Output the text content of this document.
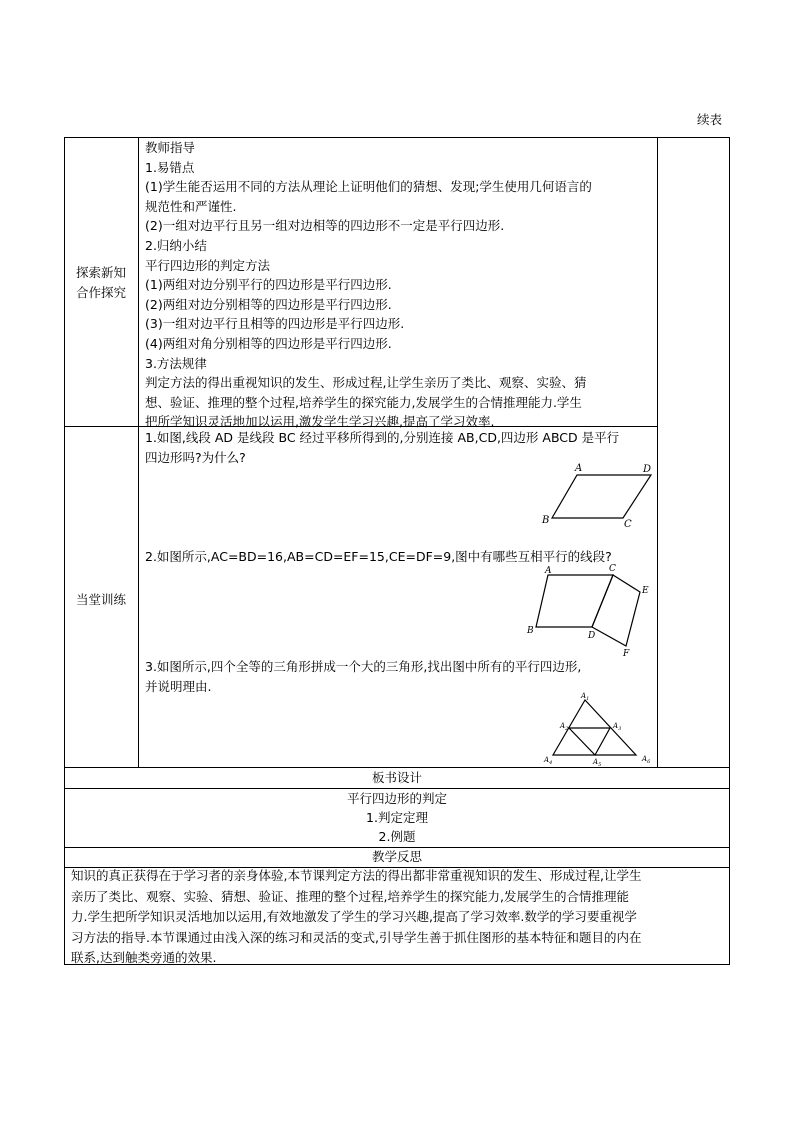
续表
探索新知
合作探究

教师指导

1.易错点

(1)学生能否运用不同的方法从理论上证明他们的猜想、发现;学生使用几何语言的

规范性和严谨性.

(2)一组对边平行且另一组对边相等的四边形不一定是平行四边形.

2.归纳小结

平行四边形的判定方法

(1)两组对边分别平行的四边形是平行四边形.

(2)两组对边分别相等的四边形是平行四边形.

(3)一组对边平行且相等的四边形是平行四边形.

(4)两组对角分别相等的四边形是平行四边形.

3.方法规律

判定方法的得出重视知识的发生、形成过程,让学生亲历了类比、观察、实验、猜

想、验证、推理的整个过程,培养学生的探究能力,发展学生的合情推理能力.学生

把所学知识灵活地加以运用,激发学生学习兴趣,提高了学习效率.

当堂训练

1.如图,线段 AD 是线段 BC 经过平移所得到的,分别连接 AB,CD,四边形 ABCD 是平行

四边形吗?为什么?

A	D
B	C

2.如图所示,AC=BD=16,AB=CD=EF=15,CE=DF=9,图中有哪些互相平行的线段?

A	C
E
B	D
F

3.如图所示,四个全等的三角形拼成一个大的三角形,找出图中所有的平行四边形,

并说明理由.

$A_1$
$A_2$	$A_3$
$A_4$	$A_5$
$A_6$
板书设计
平行四边形的判定
1.判定定理
2.例题
教学反思

知识的真正获得在于学习者的亲身体验,本节课判定方法的得出都非常重视知识的发生、形成过程,让学生

亲历了类比、观察、实验、猜想、验证、推理的整个过程,培养学生的探究能力,发展学生的合情推理能

力.学生把所学知识灵活地加以运用,有效地激发了学生的学习兴趣,提高了学习效率.数学的学习要重视学

习方法的指导.本节课通过由浅入深的练习和灵活的变式,引导学生善于抓住图形的基本特征和题目的内在

联系,达到触类旁通的效果.
